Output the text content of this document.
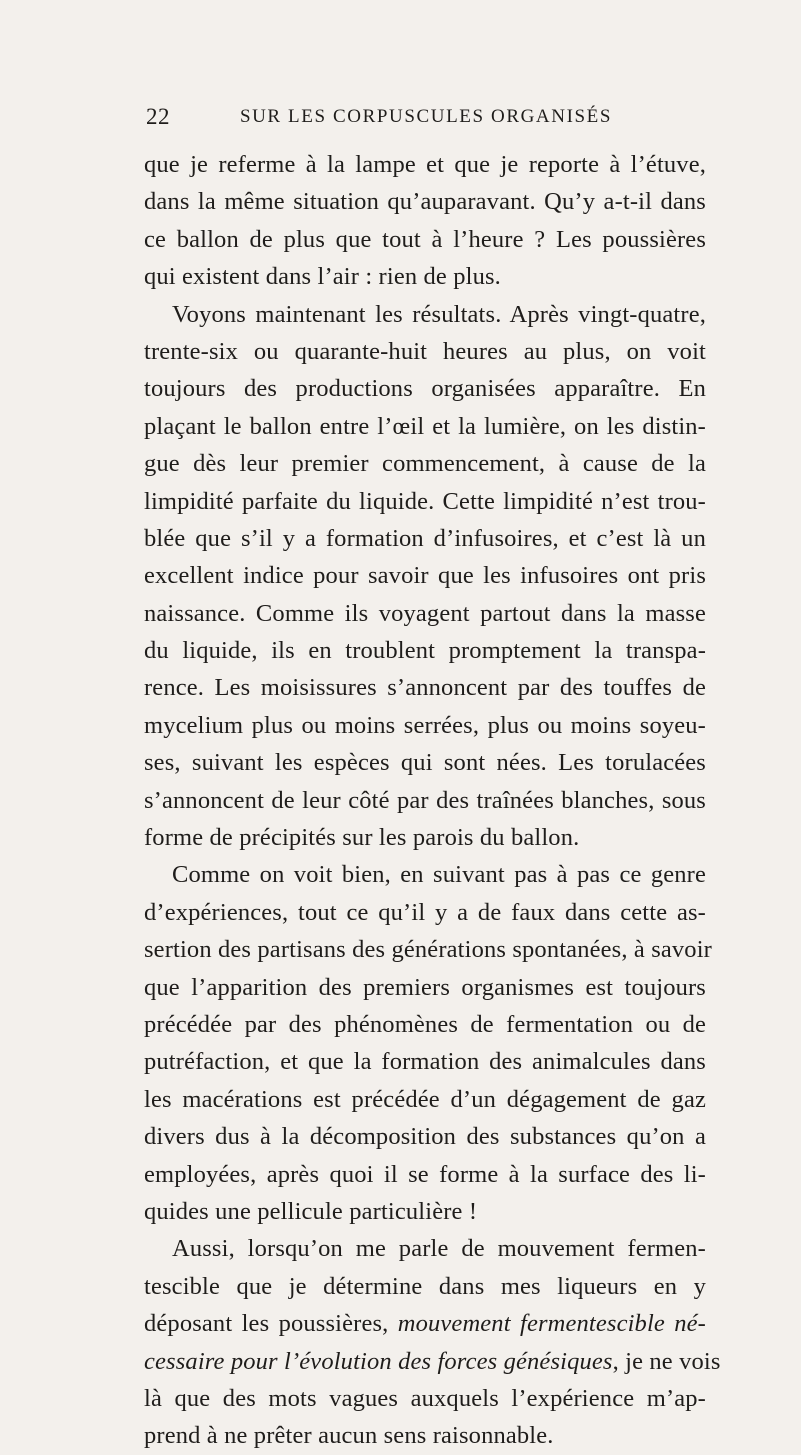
22	SUR LES CORPUSCULES ORGANISÉS
que je referme à la lampe et que je reporte à l’étuve,
dans la même situation qu’auparavant. Qu’y a-t-il dans
ce ballon de plus que tout à l’heure ? Les poussières
qui existent dans l’air : rien de plus.
Voyons maintenant les résultats. Après vingt-quatre,
trente-six ou quarante-huit heures au plus, on voit
toujours des productions organisées apparaître. En
plaçant le ballon entre l’œil et la lumière, on les distin-
gue dès leur premier commencement, à cause de la
limpidité parfaite du liquide. Cette limpidité n’est trou-
blée que s’il y a formation d’infusoires, et c’est là un
excellent indice pour savoir que les infusoires ont pris
naissance. Comme ils voyagent partout dans la masse
du liquide, ils en troublent promptement la transpa-
rence. Les moisissures s’annoncent par des touffes de
mycelium plus ou moins serrées, plus ou moins soyeu-
ses, suivant les espèces qui sont nées. Les torulacées
s’annoncent de leur côté par des traînées blanches, sous
forme de précipités sur les parois du ballon.
Comme on voit bien, en suivant pas à pas ce genre
d’expériences, tout ce qu’il y a de faux dans cette as-
sertion des partisans des générations spontanées, à savoir
que l’apparition des premiers organismes est toujours
précédée par des phénomènes de fermentation ou de
putréfaction, et que la formation des animalcules dans
les macérations est précédée d’un dégagement de gaz
divers dus à la décomposition des substances qu’on a
employées, après quoi il se forme à la surface des li-
quides une pellicule particulière !
Aussi, lorsqu’on me parle de mouvement fermen-
tescible que je détermine dans mes liqueurs en y
déposant les poussières, mouvement fermentescible né-
cessaire pour l’évolution des forces génésiques, je ne vois
là que des mots vagues auxquels l’expérience m’ap-
prend à ne prêter aucun sens raisonnable.
